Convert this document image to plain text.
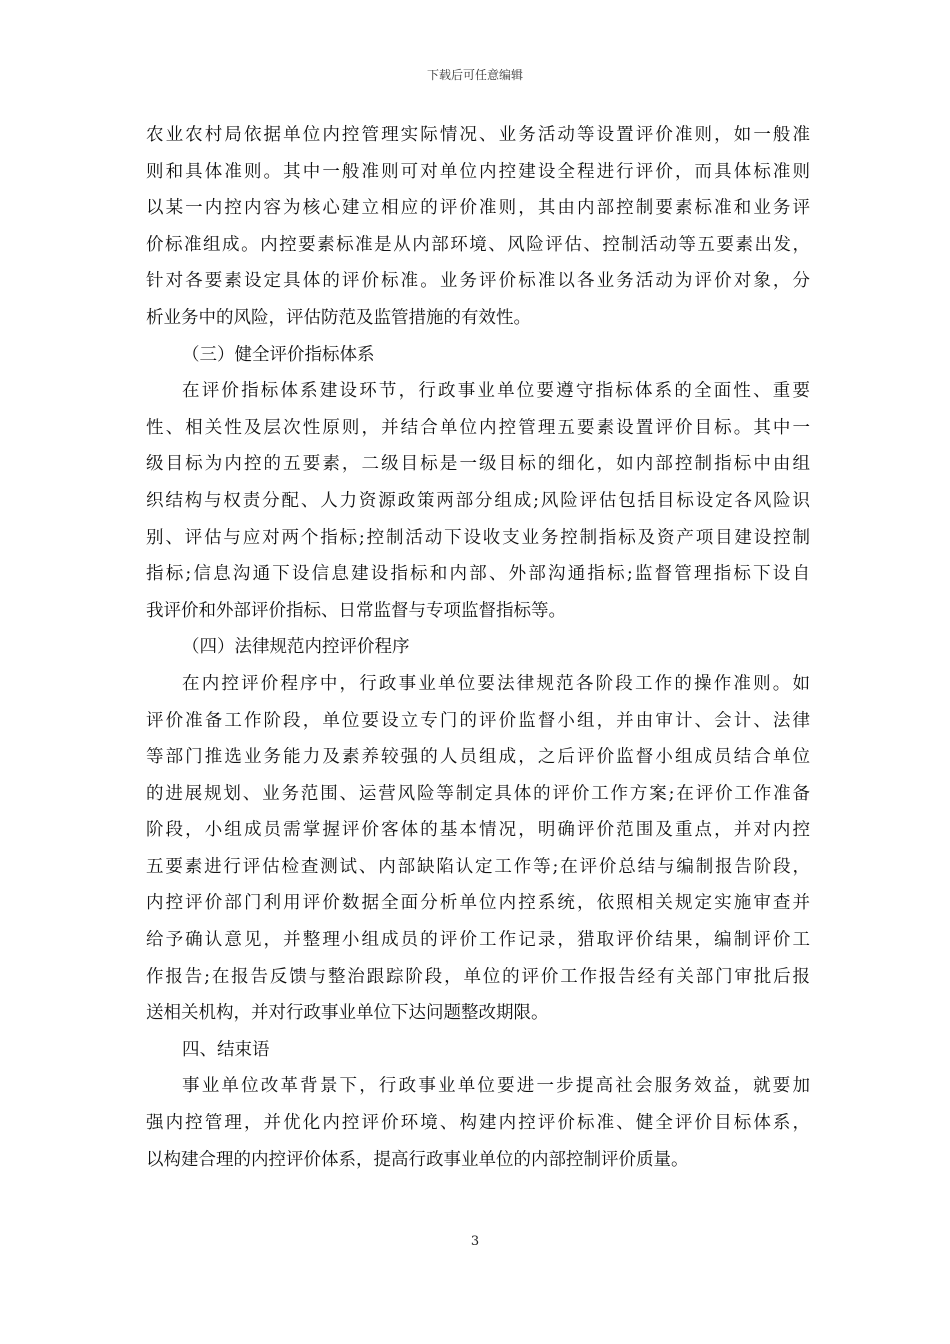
下载后可任意编辑
农业农村局依据单位内控管理实际情况、业务活动等设置评价准则，如一般准
则和具体准则。其中一般准则可对单位内控建设全程进行评价，而具体标准则
以某一内控内容为核心建立相应的评价准则，其由内部控制要素标准和业务评
价标准组成。内控要素标准是从内部环境、风险评估、控制活动等五要素出发，
针对各要素设定具体的评价标准。业务评价标准以各业务活动为评价对象，分
析业务中的风险，评估防范及监管措施的有效性。
（三）健全评价指标体系
在评价指标体系建设环节，行政事业单位要遵守指标体系的全面性、重要
性、相关性及层次性原则，并结合单位内控管理五要素设置评价目标。其中一
级目标为内控的五要素，二级目标是一级目标的细化，如内部控制指标中由组
织结构与权责分配、人力资源政策两部分组成;风险评估包括目标设定各风险识
别、评估与应对两个指标;控制活动下设收支业务控制指标及资产项目建设控制
指标;信息沟通下设信息建设指标和内部、外部沟通指标;监督管理指标下设自
我评价和外部评价指标、日常监督与专项监督指标等。
（四）法律规范内控评价程序
在内控评价程序中，行政事业单位要法律规范各阶段工作的操作准则。如
评价准备工作阶段，单位要设立专门的评价监督小组，并由审计、会计、法律
等部门推选业务能力及素养较强的人员组成，之后评价监督小组成员结合单位
的进展规划、业务范围、运营风险等制定具体的评价工作方案;在评价工作准备
阶段，小组成员需掌握评价客体的基本情况，明确评价范围及重点，并对内控
五要素进行评估检查测试、内部缺陷认定工作等;在评价总结与编制报告阶段，
内控评价部门利用评价数据全面分析单位内控系统，依照相关规定实施审查并
给予确认意见，并整理小组成员的评价工作记录，猎取评价结果，编制评价工
作报告;在报告反馈与整治跟踪阶段，单位的评价工作报告经有关部门审批后报
送相关机构，并对行政事业单位下达问题整改期限。
四、结束语
事业单位改革背景下，行政事业单位要进一步提高社会服务效益，就要加
强内控管理，并优化内控评价环境、构建内控评价标准、健全评价目标体系，
以构建合理的内控评价体系，提高行政事业单位的内部控制评价质量。
3
